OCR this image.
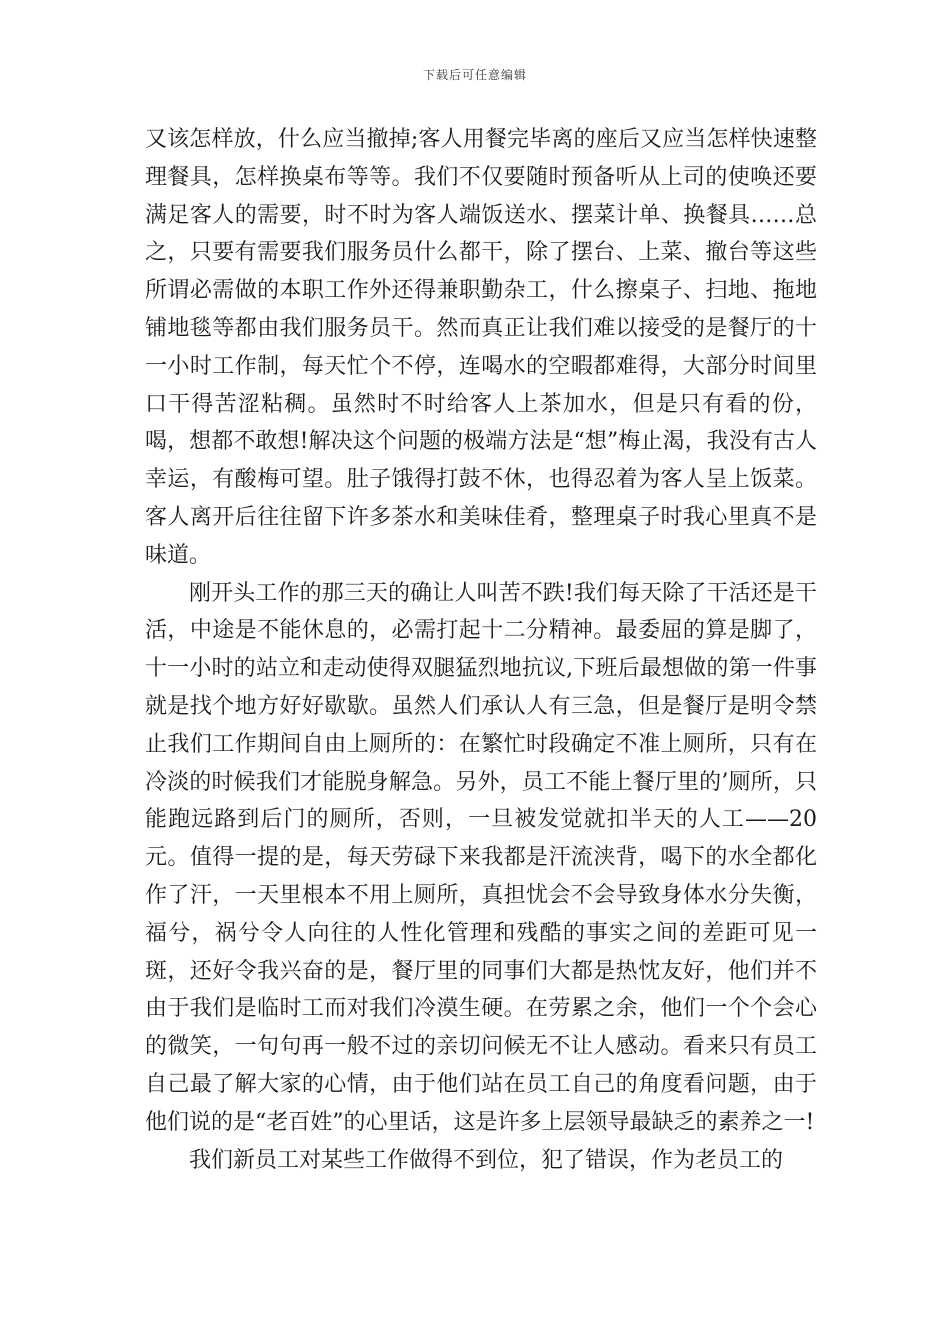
下载后可任意编辑

又该怎样放，什么应当撤掉;客人用餐完毕离的座后又应当怎样快速整理餐具，怎样换桌布等等。我们不仅要随时预备听从上司的使唤还要满足客人的需要，时不时为客人端饭送水、摆菜计单、换餐具……总之，只要有需要我们服务员什么都干，除了摆台、上菜、撤台等这些所谓必需做的本职工作外还得兼职勤杂工，什么擦桌子、扫地、拖地铺地毯等都由我们服务员干。然而真正让我们难以接受的是餐厅的十一小时工作制，每天忙个不停，连喝水的空暇都难得，大部分时间里口干得苦涩粘稠。虽然时不时给客人上茶加水，但是只有看的份，喝，想都不敢想!解决这个问题的极端方法是“想”梅止渴，我没有古人幸运，有酸梅可望。肚子饿得打鼓不休，也得忍着为客人呈上饭菜。客人离开后往往留下许多茶水和美味佳肴，整理桌子时我心里真不是味道。

刚开头工作的那三天的确让人叫苦不跌!我们每天除了干活还是干活，中途是不能休息的，必需打起十二分精神。最委屈的算是脚了，十一小时的站立和走动使得双腿猛烈地抗议,下班后最想做的第一件事就是找个地方好好歇歇。虽然人们承认人有三急，但是餐厅是明令禁止我们工作期间自由上厕所的：在繁忙时段确定不准上厕所，只有在冷淡的时候我们才能脱身解急。另外，员工不能上餐厅里的’厕所，只能跑远路到后门的厕所，否则，一旦被发觉就扣半天的人工——20元。值得一提的是，每天劳碌下来我都是汗流浃背，喝下的水全都化作了汗，一天里根本不用上厕所，真担忧会不会导致身体水分失衡，福兮，祸兮令人向往的人性化管理和残酷的事实之间的差距可见一斑，还好令我兴奋的是，餐厅里的同事们大都是热忱友好，他们并不由于我们是临时工而对我们冷漠生硬。在劳累之余，他们一个个会心的微笑，一句句再一般不过的亲切问候无不让人感动。看来只有员工自己最了解大家的心情，由于他们站在员工自己的角度看问题，由于他们说的是“老百姓”的心里话，这是许多上层领导最缺乏的素养之一!

我们新员工对某些工作做得不到位，犯了错误，作为老员工的
